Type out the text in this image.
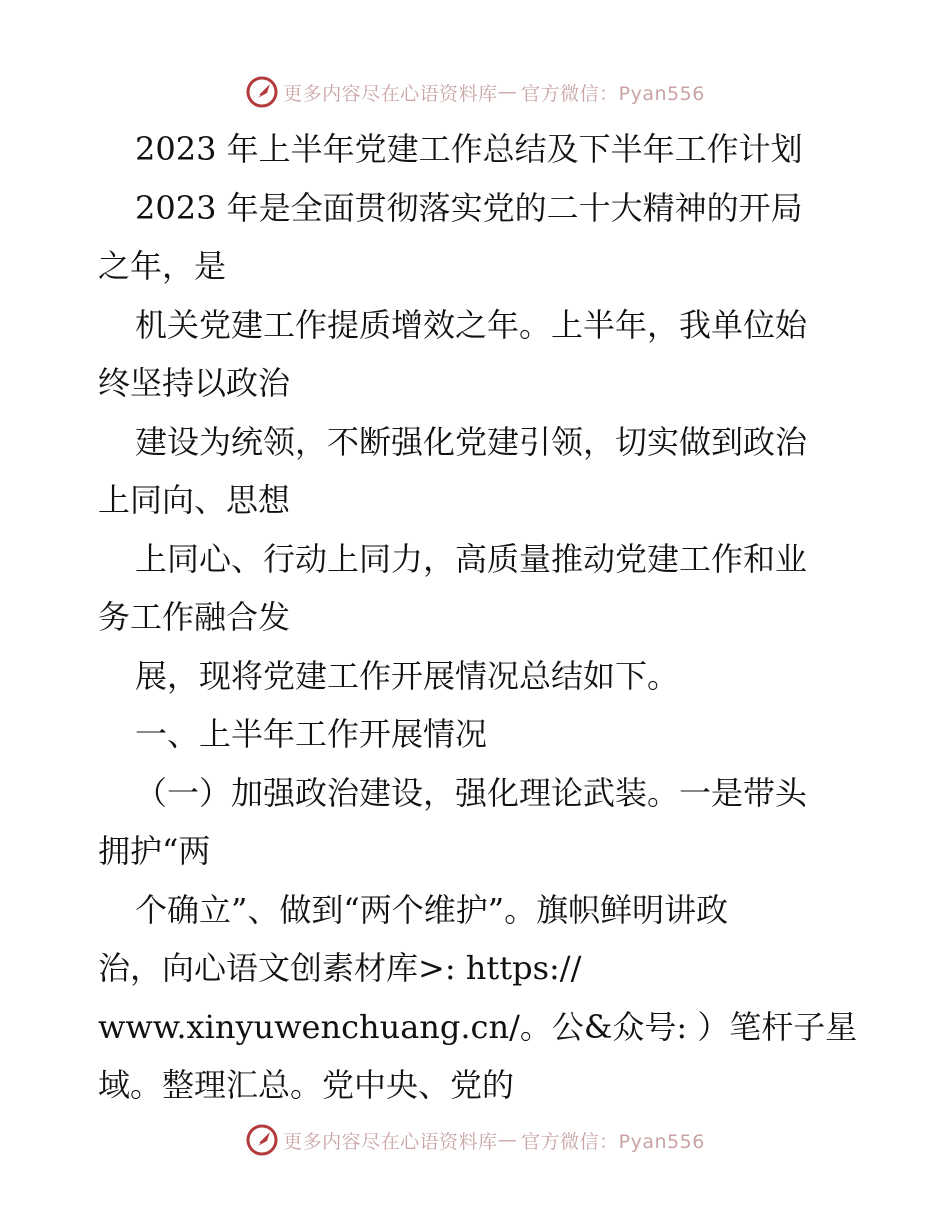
更多内容尽在心语资料库 — 官方微信：Pyan556
2023 年上半年党建工作总结及下半年工作计划
2023 年是全面贯彻落实党的二十大精神的开局
之年，是
机关党建工作提质增效之年。上半年，我单位始
终坚持以政治
建设为统领，不断强化党建引领，切实做到政治
上同向、思想
上同心、行动上同力，高质量推动党建工作和业
务工作融合发
展，现将党建工作开展情况总结如下。
一、上半年工作开展情况
（一）加强政治建设，强化理论武装。一是带头
拥护“两
个确立”、做到“两个维护”。旗帜鲜明讲政
治，向心语文创素材库>: https://
www.xinyuwenchuang.cn/。公&众号: ）笔杆子星
域。整理汇总。党中央、党的
更多内容尽在心语资料库 — 官方微信：Pyan556
